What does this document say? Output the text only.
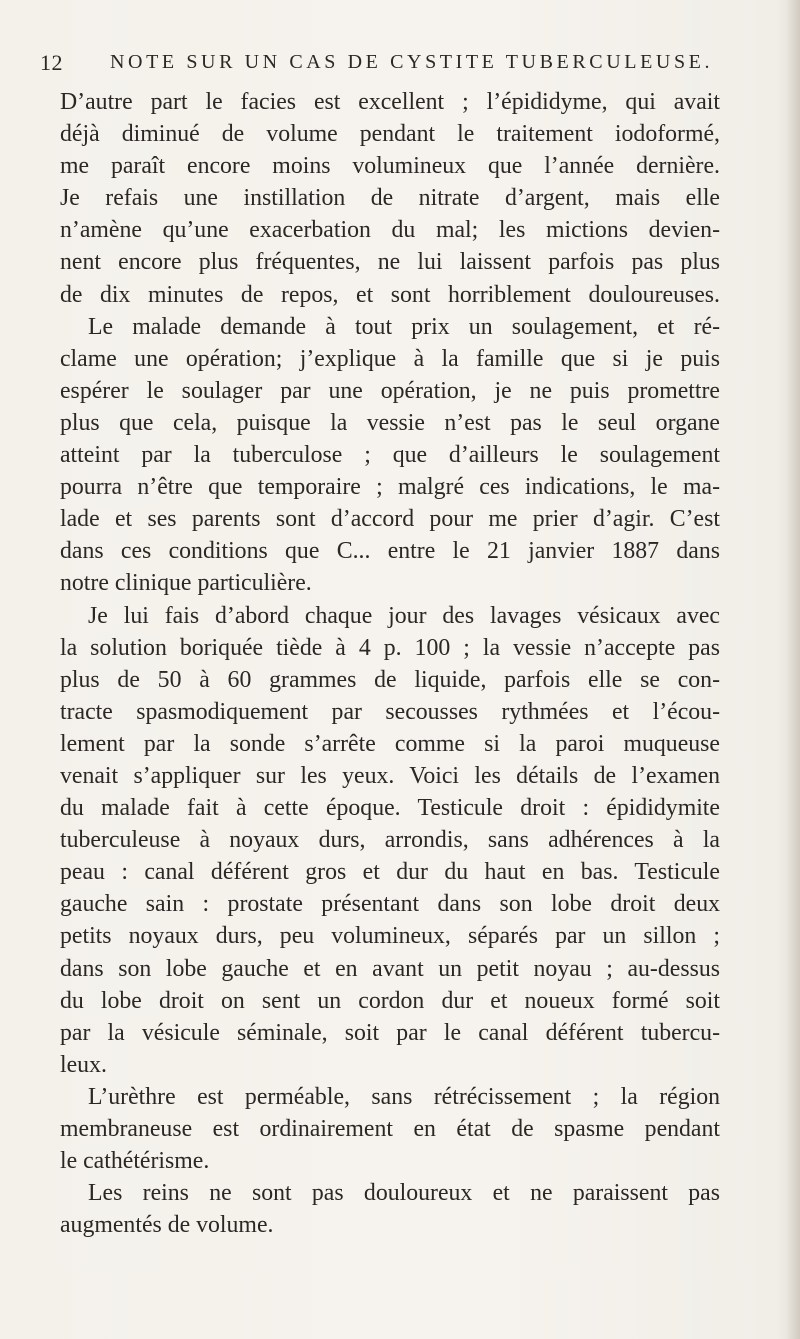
12 NOTE SUR UN CAS DE CYSTITE TUBERCULEUSE.
D’autre part le facies est excellent ; l’épididyme, qui avait
déjà diminué de volume pendant le traitement iodoformé,
me paraît encore moins volumineux que l’année dernière.
Je refais une instillation de nitrate d’argent, mais elle
n’amène qu’une exacerbation du mal; les mictions devien-
nent encore plus fréquentes, ne lui laissent parfois pas plus
de dix minutes de repos, et sont horriblement douloureuses.
Le malade demande à tout prix un soulagement, et ré-
clame une opération; j’explique à la famille que si je puis
espérer le soulager par une opération, je ne puis promettre
plus que cela, puisque la vessie n’est pas le seul organe
atteint par la tuberculose ; que d’ailleurs le soulagement
pourra n’être que temporaire ; malgré ces indications, le ma-
lade et ses parents sont d’accord pour me prier d’agir. C’est
dans ces conditions que C... entre le 21 janvier 1887 dans
notre clinique particulière.
Je lui fais d’abord chaque jour des lavages vésicaux avec
la solution boriquée tiède à 4 p. 100 ; la vessie n’accepte pas
plus de 50 à 60 grammes de liquide, parfois elle se con-
tracte spasmodiquement par secousses rythmées et l’écou-
lement par la sonde s’arrête comme si la paroi muqueuse
venait s’appliquer sur les yeux. Voici les détails de l’examen
du malade fait à cette époque. Testicule droit : épididymite
tuberculeuse à noyaux durs, arrondis, sans adhérences à la
peau : canal déférent gros et dur du haut en bas. Testicule
gauche sain : prostate présentant dans son lobe droit deux
petits noyaux durs, peu volumineux, séparés par un sillon ;
dans son lobe gauche et en avant un petit noyau ; au-dessus
du lobe droit on sent un cordon dur et noueux formé soit
par la vésicule séminale, soit par le canal déférent tubercu-
leux.
L’urèthre est perméable, sans rétrécissement ; la région
membraneuse est ordinairement en état de spasme pendant
le cathétérisme.
Les reins ne sont pas douloureux et ne paraissent pas
augmentés de volume.
